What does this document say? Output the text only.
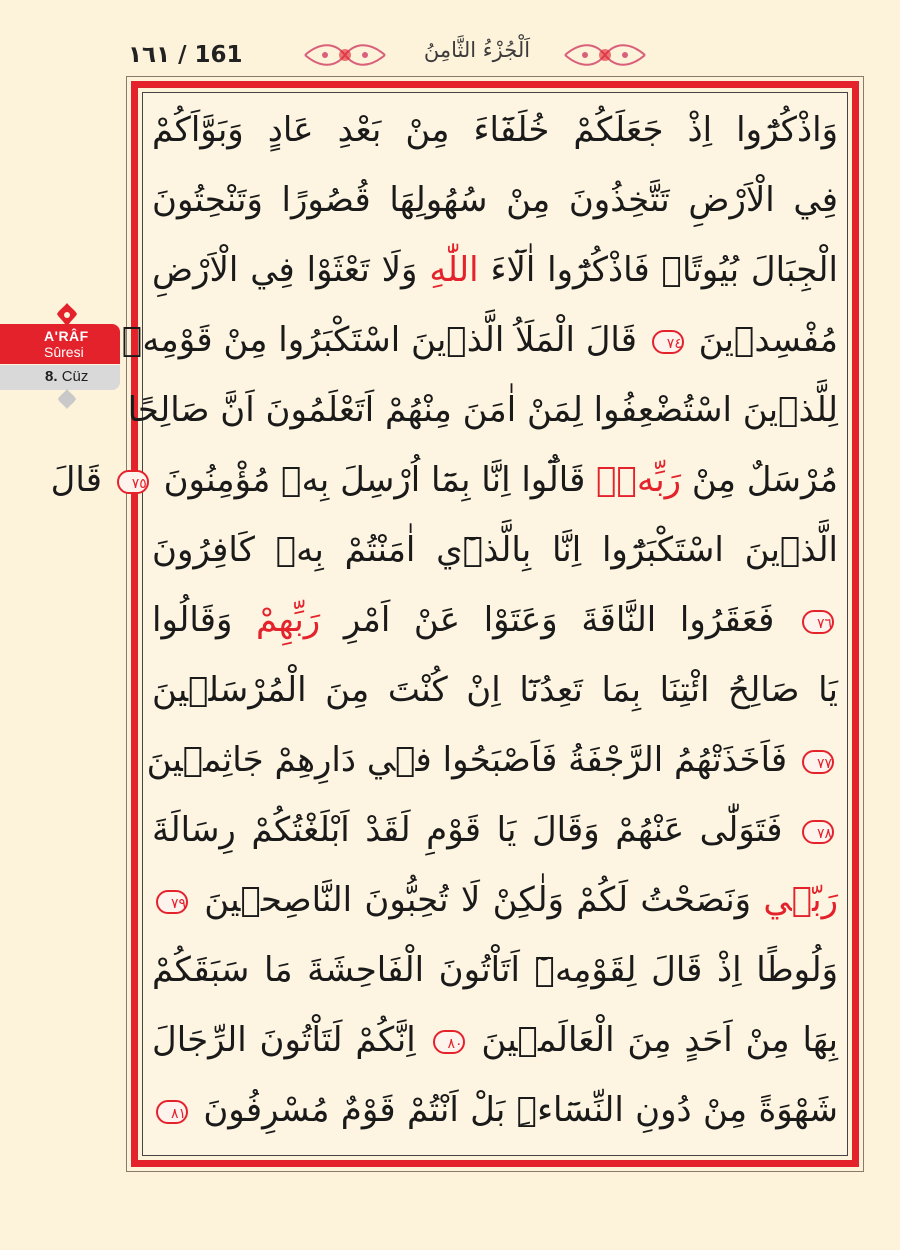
١٦١ / 161	اَلْجُزْءُ الثَّامِنُ
A'RÂF
Sûresi
8. Cüz
وَاذْكُرُٓوا اِذْ جَعَلَكُمْ خُلَفَٓاءَ مِنْ بَعْدِ عَادٍ وَبَوَّاَكُمْ
فِي الْاَرْضِ تَتَّخِذُونَ مِنْ سُهُولِهَا قُصُورًا وَتَنْحِتُونَ
الْجِبَالَ بُيُوتًاۚ فَاذْكُرُٓوا اٰلَٓاءَ اللّٰهِ وَلَا تَعْثَوْا فِي الْاَرْضِ
مُفْسِدٖينَ ٧٤ قَالَ الْمَلَاُ الَّذٖينَ اسْتَكْبَرُوا مِنْ قَوْمِهٖ
لِلَّذٖينَ اسْتُضْعِفُوا لِمَنْ اٰمَنَ مِنْهُمْ اَتَعْلَمُونَ اَنَّ صَالِحًا
مُرْسَلٌ مِنْ رَبِّهٖۜ قَالُٓوا اِنَّا بِمَٓا اُرْسِلَ بِهٖ مُؤْمِنُونَ ٧٥ قَالَ
الَّذٖينَ اسْتَكْبَرُٓوا اِنَّا بِالَّذٖٓي اٰمَنْتُمْ بِهٖ كَافِرُونَ
٧٦ فَعَقَرُوا النَّاقَةَ وَعَتَوْا عَنْ اَمْرِ رَبِّهِمْ وَقَالُوا
يَا صَالِحُ ائْتِنَا بِمَا تَعِدُنَٓا اِنْ كُنْتَ مِنَ الْمُرْسَلٖينَ
٧٧ فَاَخَذَتْهُمُ الرَّجْفَةُ فَاَصْبَحُوا فٖي دَارِهِمْ جَاثِمٖينَ
٧٨ فَتَوَلّٰى عَنْهُمْ وَقَالَ يَا قَوْمِ لَقَدْ اَبْلَغْتُكُمْ رِسَالَةَ
رَبّٖي وَنَصَحْتُ لَكُمْ وَلٰكِنْ لَا تُحِبُّونَ النَّاصِحٖينَ ٧٩
وَلُوطًا اِذْ قَالَ لِقَوْمِهٖٓ اَتَاْتُونَ الْفَاحِشَةَ مَا سَبَقَكُمْ
بِهَا مِنْ اَحَدٍ مِنَ الْعَالَمٖينَ ٨٠ اِنَّكُمْ لَتَاْتُونَ الرِّجَالَ
شَهْوَةً مِنْ دُونِ النِّسَٓاءِۜ بَلْ اَنْتُمْ قَوْمٌ مُسْرِفُونَ ٨١
